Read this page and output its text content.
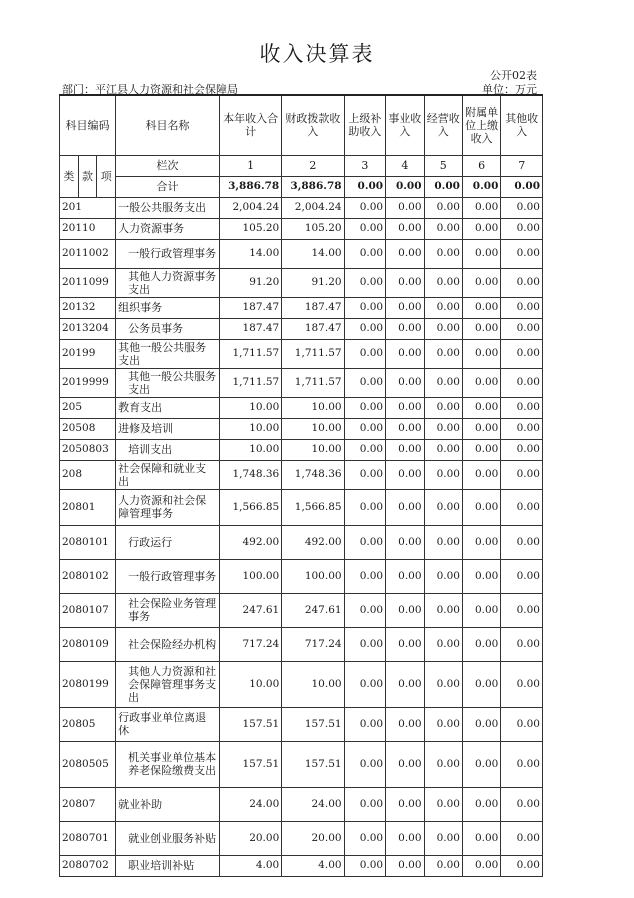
收入决算表
公开02表
部门：平江县人力资源和社会保障局	单位：万元
科目编码			科目名称	本年收入合计	财政拨款收入	上级补助收入	事业收入	经营收入	附属单位上缴收入	其他收入
类	款	项	栏次	1	2	3	4	5	6	7
			合计	3,886.78	3,886.78	0.00	0.00	0.00	0.00	0.00
201			一般公共服务支出	2,004.24	2,004.24	0.00	0.00	0.00	0.00	0.00
20110			人力资源事务	105.20	105.20	0.00	0.00	0.00	0.00	0.00
2011002			一般行政管理事务	14.00	14.00	0.00	0.00	0.00	0.00	0.00
2011099			其他人力资源事务支出	91.20	91.20	0.00	0.00	0.00	0.00	0.00
20132			组织事务	187.47	187.47	0.00	0.00	0.00	0.00	0.00
2013204			公务员事务	187.47	187.47	0.00	0.00	0.00	0.00	0.00
20199			其他一般公共服务支出	1,711.57	1,711.57	0.00	0.00	0.00	0.00	0.00
2019999			其他一般公共服务支出	1,711.57	1,711.57	0.00	0.00	0.00	0.00	0.00
205			教育支出	10.00	10.00	0.00	0.00	0.00	0.00	0.00
20508			进修及培训	10.00	10.00	0.00	0.00	0.00	0.00	0.00
2050803			培训支出	10.00	10.00	0.00	0.00	0.00	0.00	0.00
208			社会保障和就业支出	1,748.36	1,748.36	0.00	0.00	0.00	0.00	0.00
20801			人力资源和社会保障管理事务	1,566.85	1,566.85	0.00	0.00	0.00	0.00	0.00
2080101			行政运行	492.00	492.00	0.00	0.00	0.00	0.00	0.00
2080102			一般行政管理事务	100.00	100.00	0.00	0.00	0.00	0.00	0.00
2080107			社会保险业务管理事务	247.61	247.61	0.00	0.00	0.00	0.00	0.00
2080109			社会保险经办机构	717.24	717.24	0.00	0.00	0.00	0.00	0.00
2080199			其他人力资源和社会保障管理事务支出	10.00	10.00	0.00	0.00	0.00	0.00	0.00
20805			行政事业单位离退休	157.51	157.51	0.00	0.00	0.00	0.00	0.00
2080505			机关事业单位基本养老保险缴费支出	157.51	157.51	0.00	0.00	0.00	0.00	0.00
20807			就业补助	24.00	24.00	0.00	0.00	0.00	0.00	0.00
2080701			就业创业服务补贴	20.00	20.00	0.00	0.00	0.00	0.00	0.00
2080702			职业培训补贴	4.00	4.00	0.00	0.00	0.00	0.00	0.00
